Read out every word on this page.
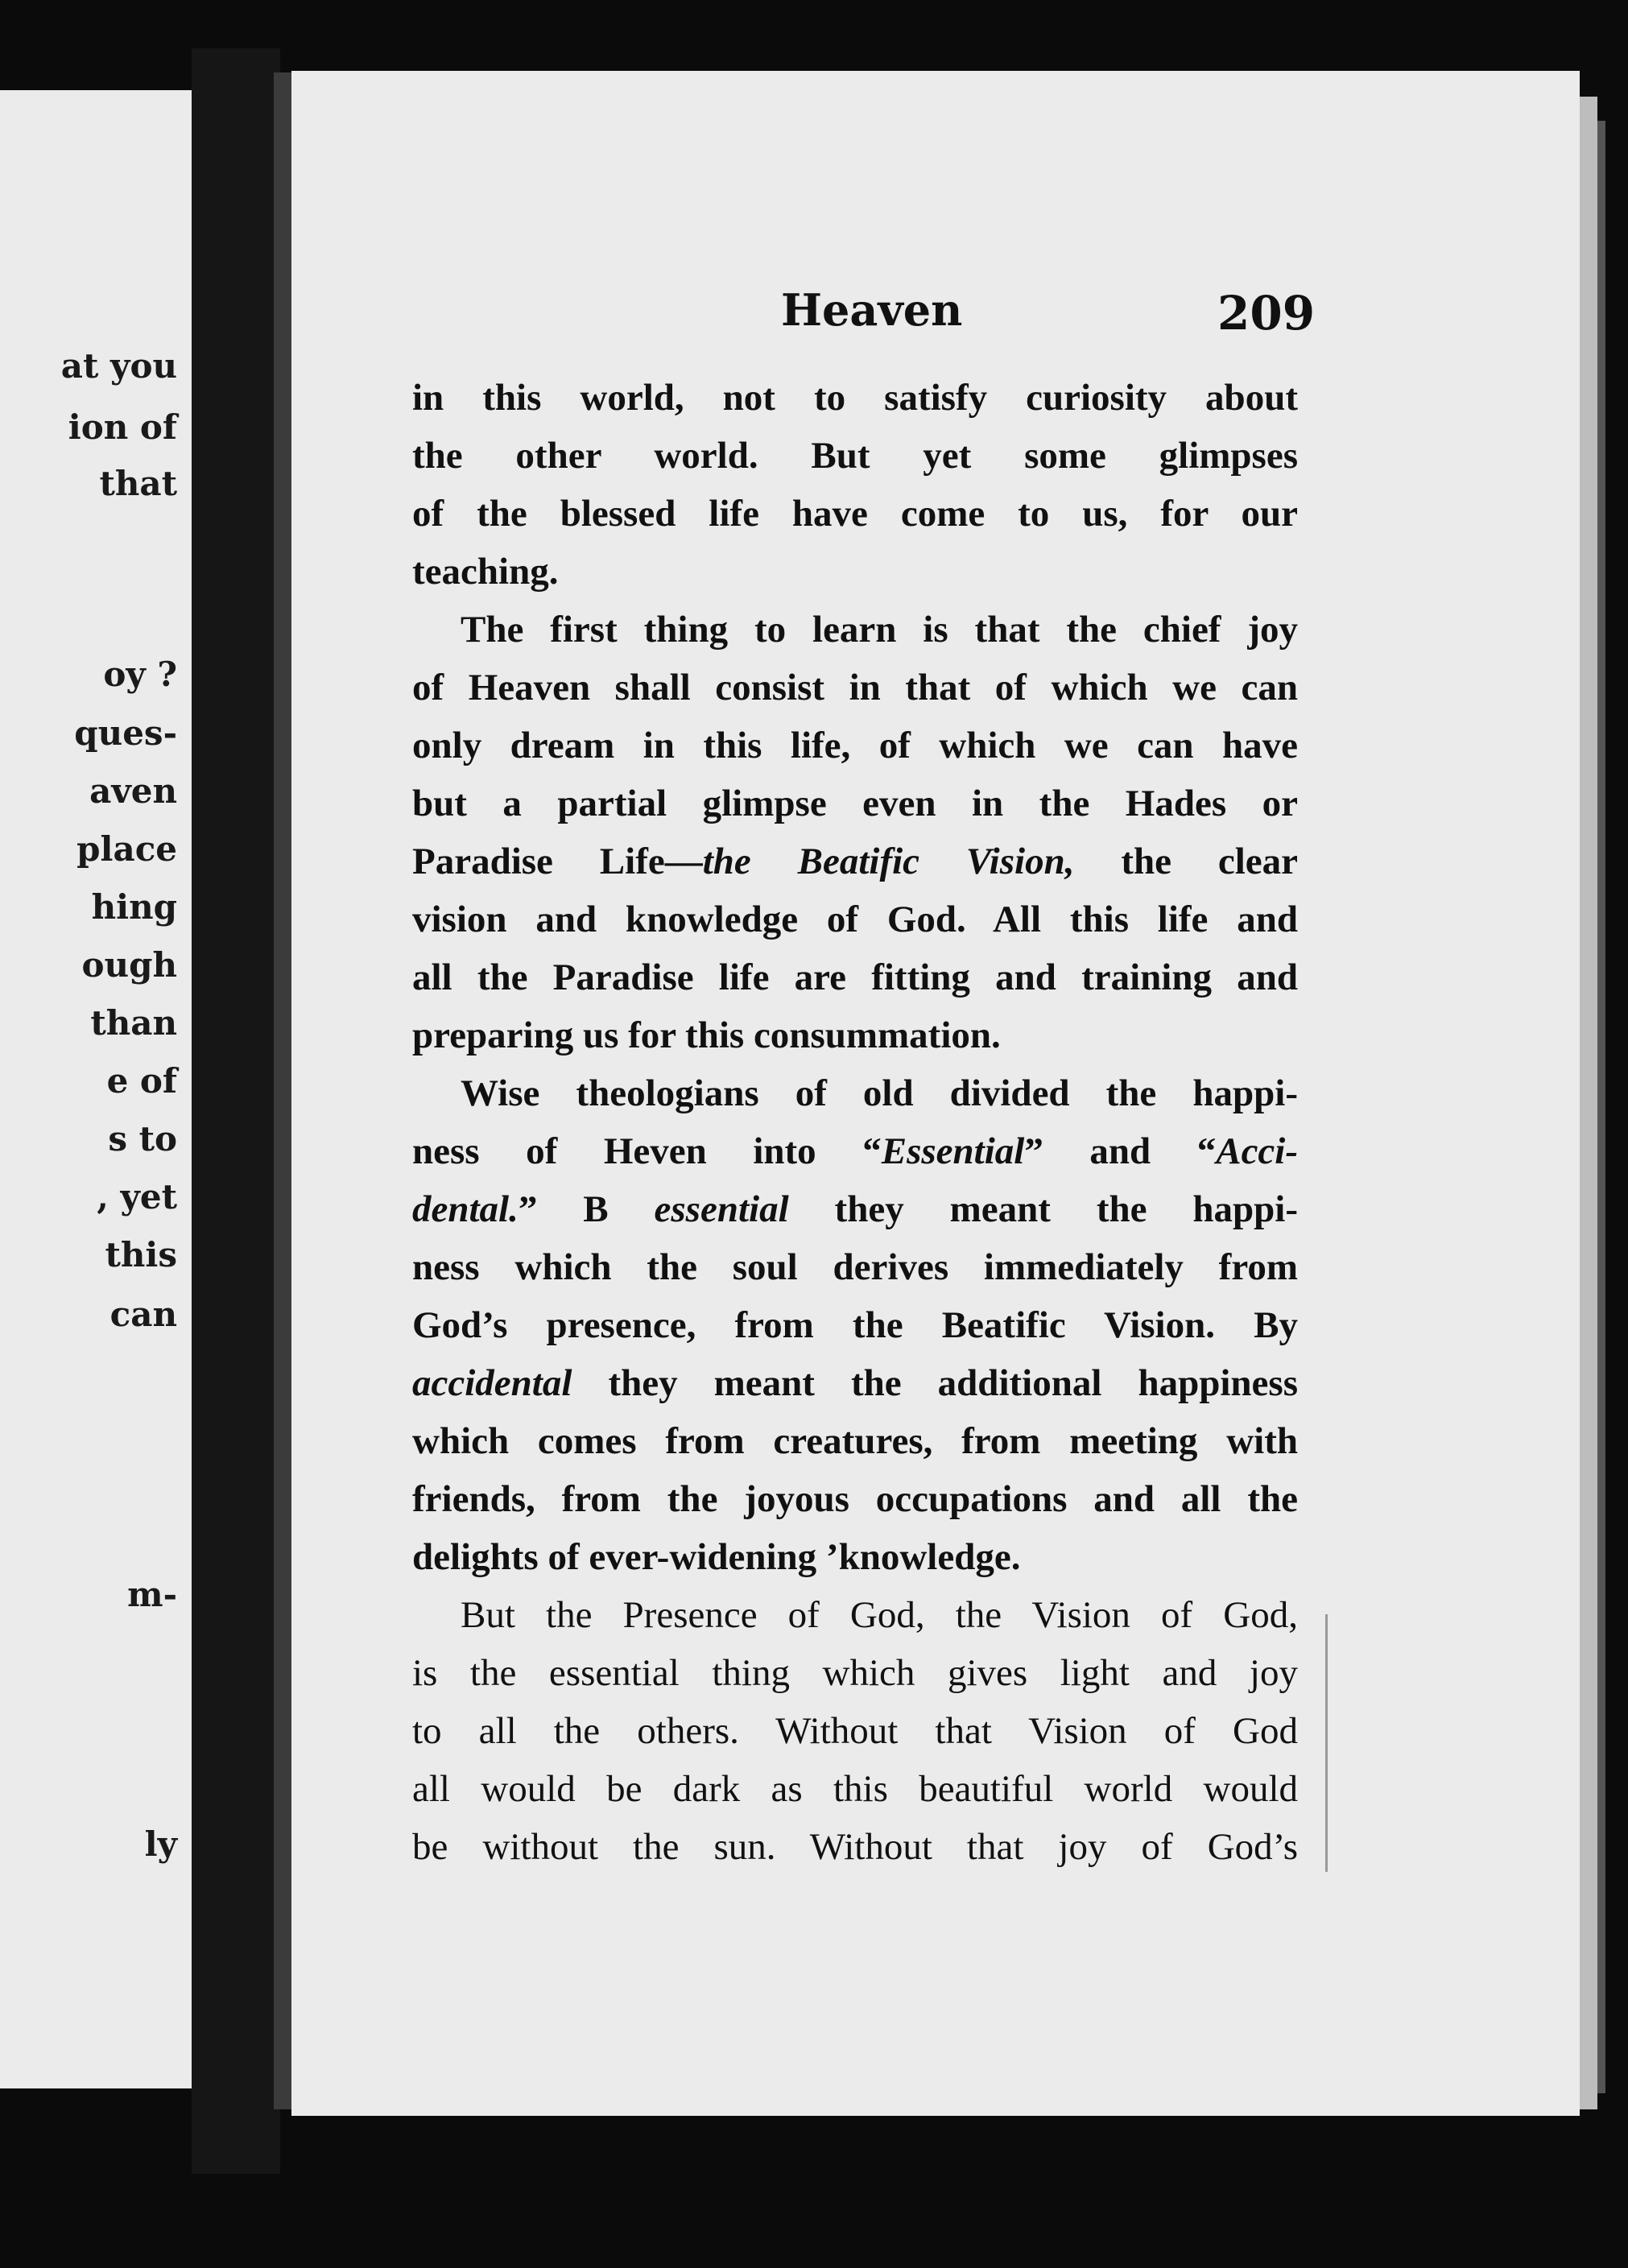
at you
ion of
that
oy ?
ques-
aven
place
hing
ough
than
e of
s to
, yet
this
can
m-
ly
Heaven	209
in this world, not to satisfy curiosity about
the other world. But yet some glimpses
of the blessed life have come to us, for our
teaching.
The first thing to learn is that the chief joy
of Heaven shall consist in that of which we can
only dream in this life, of which we can have
but a partial glimpse even in the Hades or
Paradise Life—the Beatific Vision, the clear
vision and knowledge of God. All this life and
all the Paradise life are fitting and training and
preparing us for this consummation.
Wise theologians of old divided the happi-
ness of Heven into “Essential” and “Acci-
dental.” B essential they meant the happi-
ness which the soul derives immediately from
God’s presence, from the Beatific Vision. By
accidental they meant the additional happiness
which comes from creatures, from meeting with
friends, from the joyous occupations and all the
delights of ever-widening ’knowledge.
But the Presence of God, the Vision of God,
is the essential thing which gives light and joy
to all the others. Without that Vision of God
all would be dark as this beautiful world would
be without the sun. Without that joy of God’s
